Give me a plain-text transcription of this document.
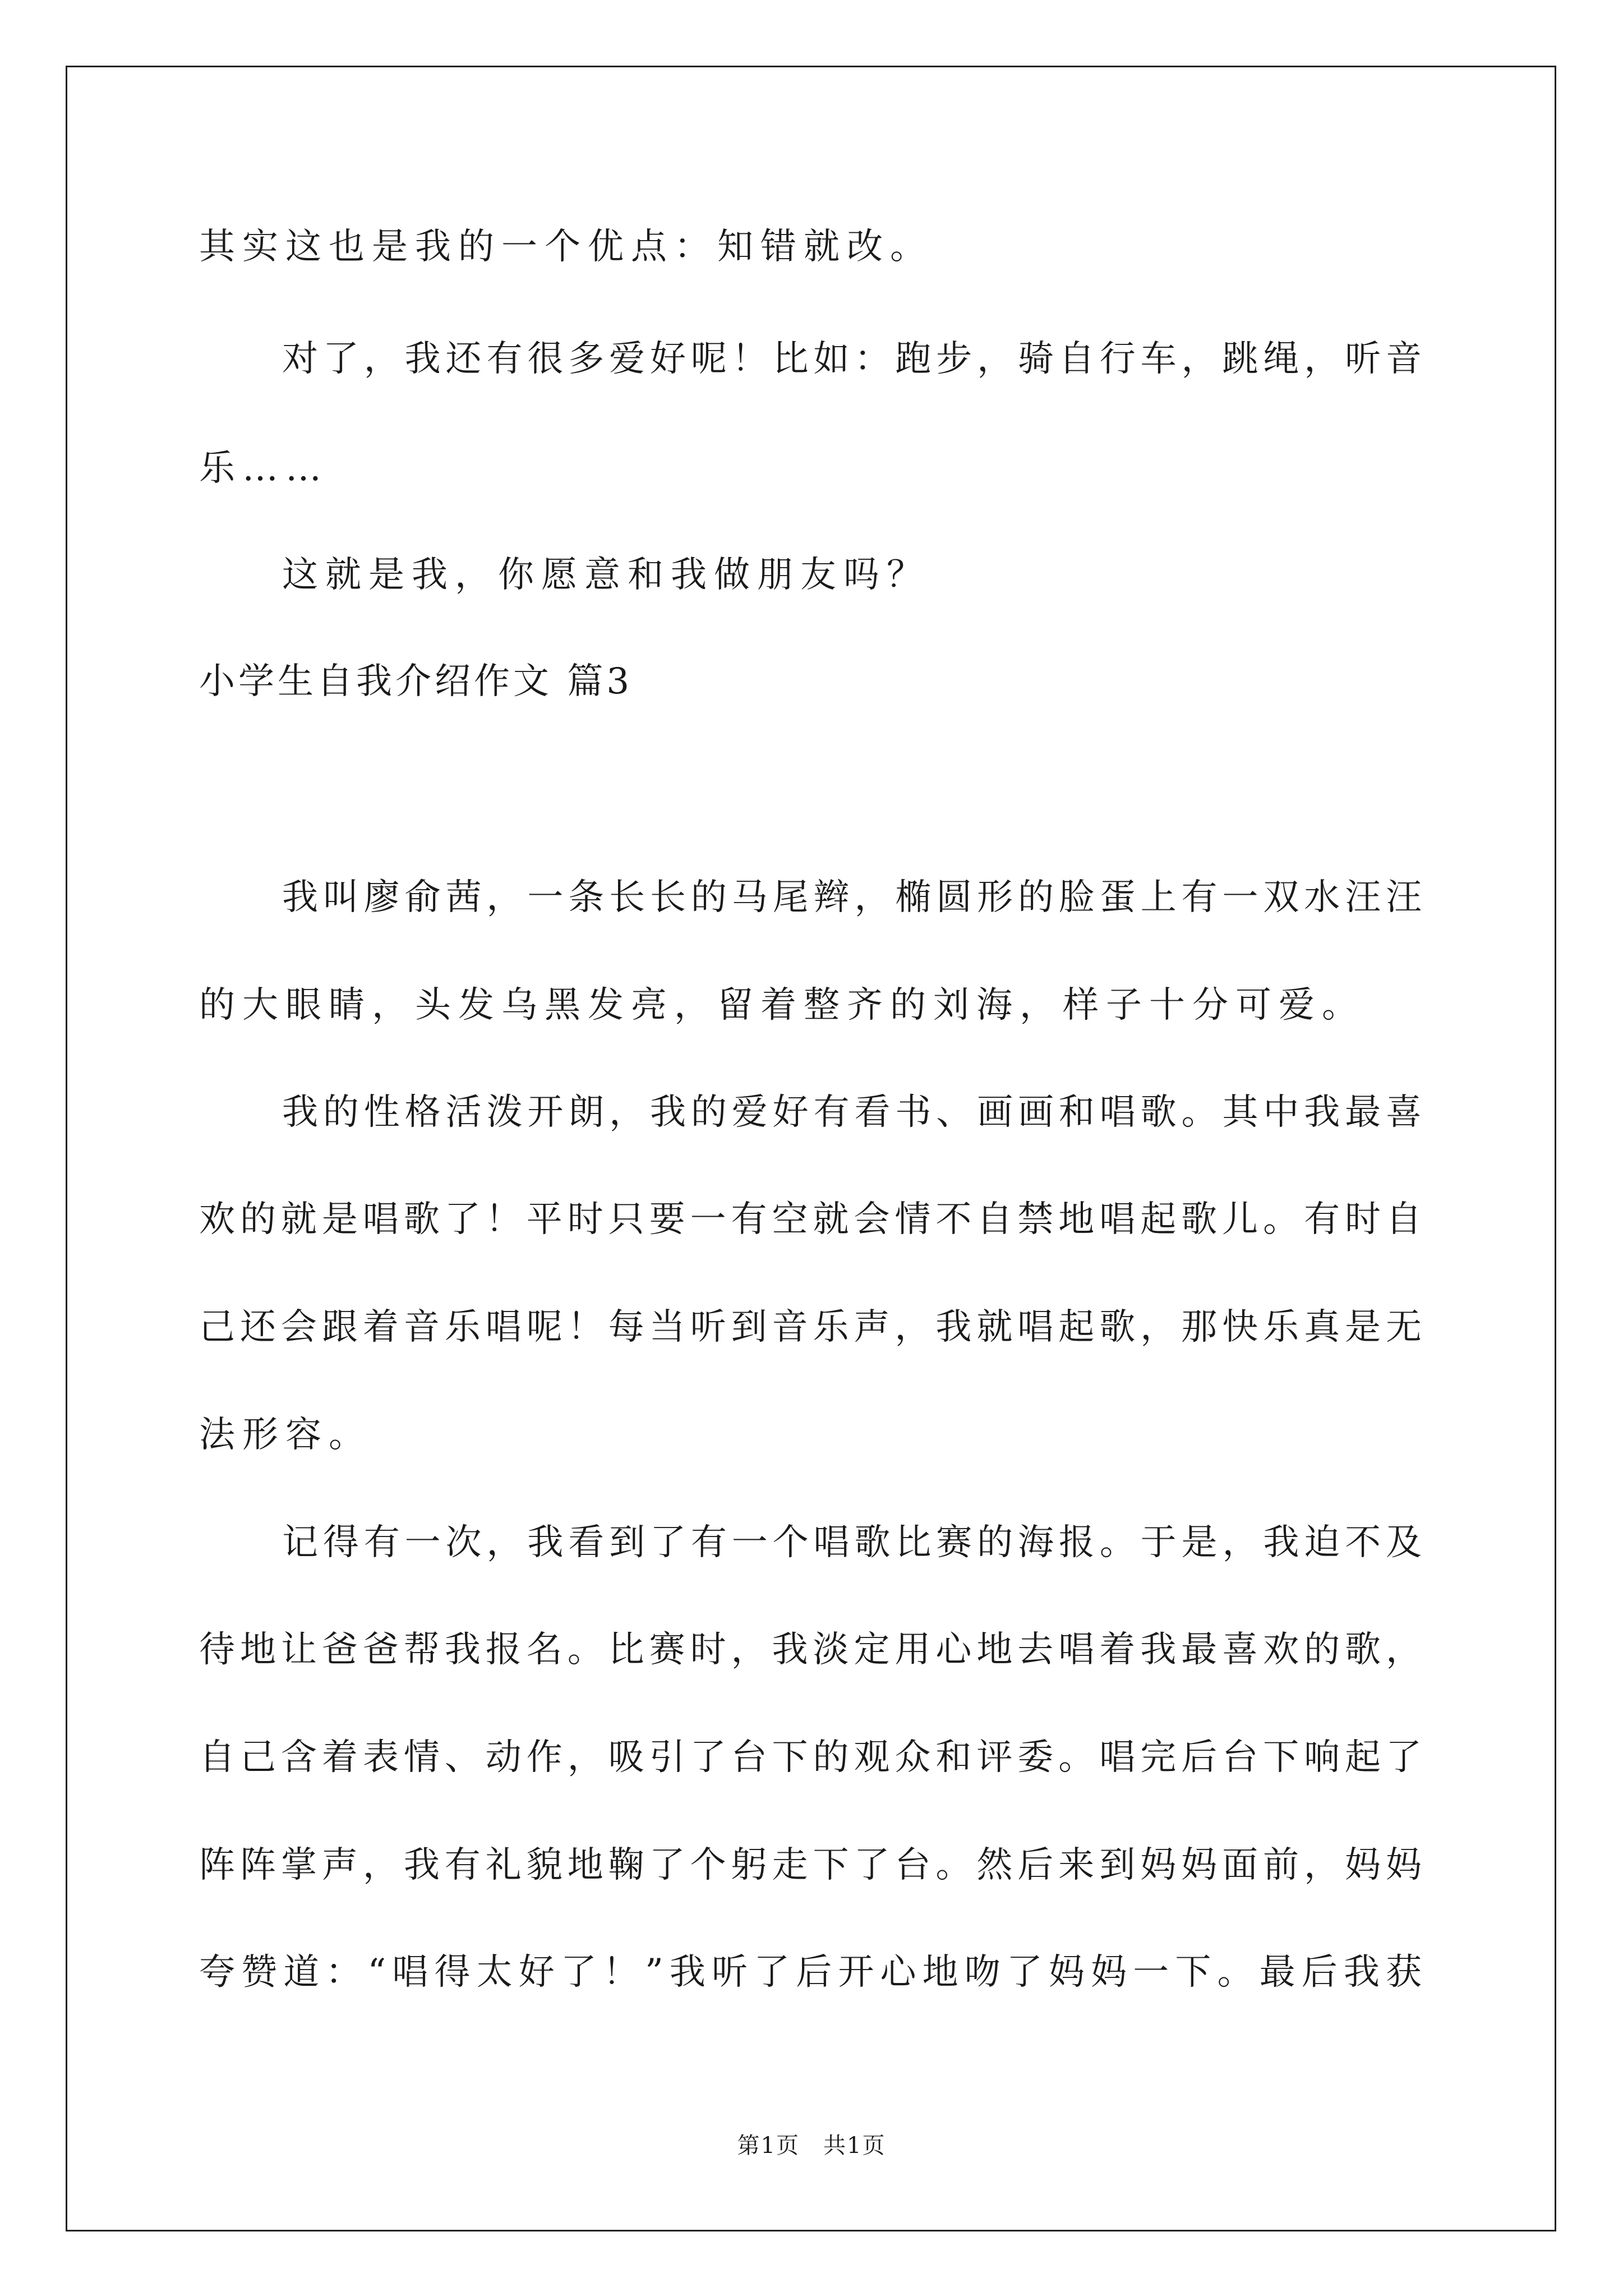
其实这也是我的一个优点：知错就改。
对了，我还有很多爱好呢！比如：跑步，骑自行车，跳绳，听音
乐……
这就是我，你愿意和我做朋友吗？
小学生自我介绍作文 篇3
我叫廖俞茜，一条长长的马尾辫，椭圆形的脸蛋上有一双水汪汪
的大眼睛，头发乌黑发亮，留着整齐的刘海，样子十分可爱。
我的性格活泼开朗，我的爱好有看书、画画和唱歌。其中我最喜
欢的就是唱歌了！平时只要一有空就会情不自禁地唱起歌儿。有时自
己还会跟着音乐唱呢！每当听到音乐声，我就唱起歌，那快乐真是无
法形容。
记得有一次，我看到了有一个唱歌比赛的海报。于是，我迫不及
待地让爸爸帮我报名。比赛时，我淡定用心地去唱着我最喜欢的歌，
自己含着表情、动作，吸引了台下的观众和评委。唱完后台下响起了
阵阵掌声，我有礼貌地鞠了个躬走下了台。然后来到妈妈面前，妈妈
夸赞道：“唱得太好了！”我听了后开心地吻了妈妈一下。最后我获
第1页　共1页
